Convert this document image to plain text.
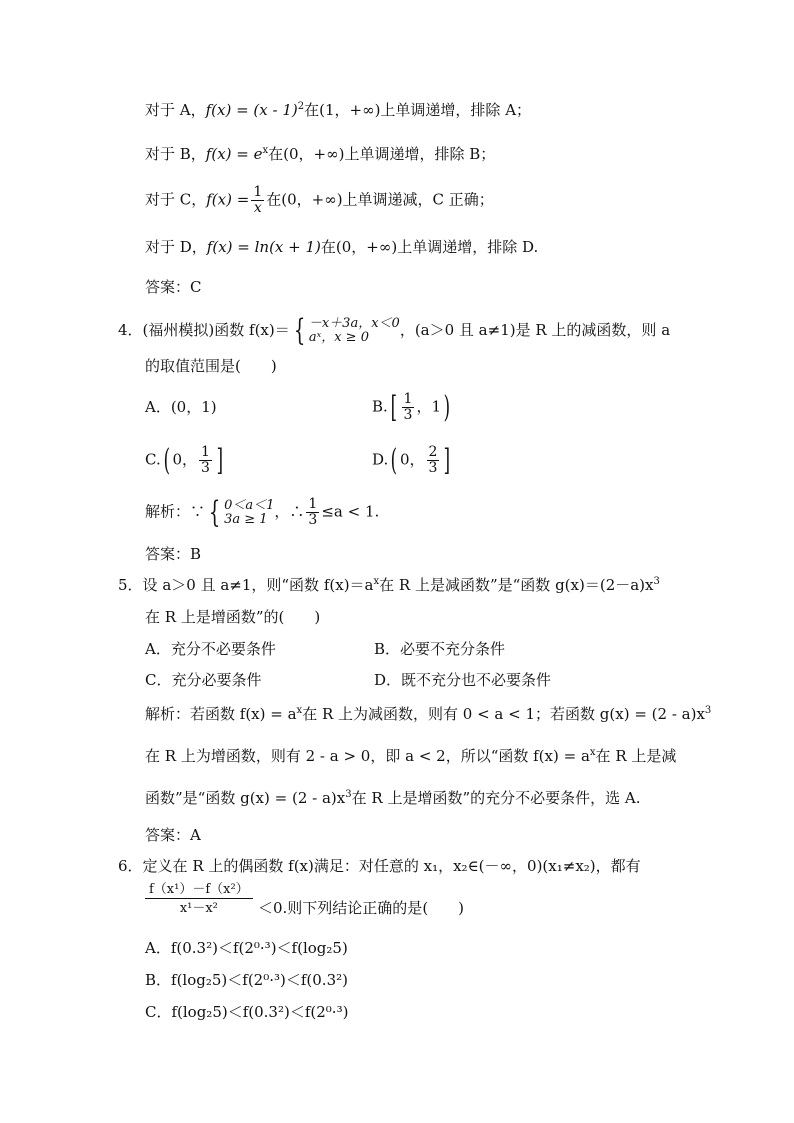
对于 A，f(x) = (x - 1)$^2$在(1，+∞)上单调递增，排除 A；
对于 B，$f(x) = e^x$在(0，+∞)上单调递增，排除 B；
对于 C，$f(x) = \frac{1}{x}$ 在(0，+∞)上单调递减，C 正确；
对于 D，f(x) = ln(x + 1)在(0，+∞)上单调递增，排除 D.
答案：C
4．(福州模拟)函数 f(x)＝ { －x＋3a，x＜0
aˣ，x ≥ 0	，(a＞0 且 a≠1)是 R 上的减函数，则 a
的取值范围是(　　)
A．(0，1)	$B.[ \frac{1}{3}$ ，1)
C.( 0， $\frac{1}{3}$ ]	D.( 0， $\frac{2}{3}$ ]
解析：∵ { 0＜a＜1
3a ≥ 1 ，∴ $\frac{1}{3} \le a < 1$.
答案：B
5．设 a＞0 且 a≠1，则“函数 $f(x)=a^x$在 R 上是减函数”是“函数 $g(x)=(2-a)x^3$
在 R 上是增函数”的(　　)
A．充分不必要条件	B．必要不充分条件
C．充分必要条件	D．既不充分也不必要条件
解析：若函数 $f(x) = a^x$在 R 上为减函数，则有 0 < a < 1；若函数 $g(x) = (2 - a)x^3$
在 R 上为增函数，则有 2 - a > 0，即 a < 2，所以“函数 $f(x) = a^x$在 R 上是减
函数”是“函数 $g(x) = (2 - a)x^3$在 R 上是增函数”的充分不必要条件，选 A.
答案：A
6．定义在 R 上的偶函数 f(x)满足：对任意的 x₁，x₂∈(－∞，0)(x₁≠x₂)，都有
$\frac{\text{f（x¹）－f（x²）}}{\text{x¹－x²}} <0$.则下列结论正确的是(　　)
A．f(0.3²)＜f(2⁰·³)＜f(log₂5)
B．f(log₂5)＜f(2⁰·³)＜f(0.3²)
C．f(log₂5)＜f(0.3²)＜f(2⁰·³)
